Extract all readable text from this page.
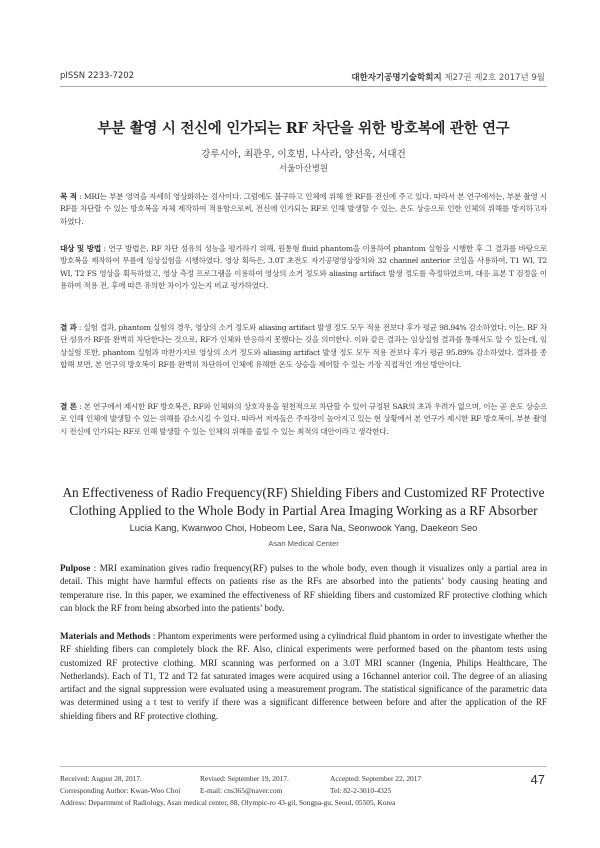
pISSN 2233-7202	대한자기공명기술학회지 제27권 제2호 2017년 9월
부분 촬영 시 전신에 인가되는 RF 차단을 위한 방호복에 관한 연구
강루시아, 최관우, 이호범, 나사라, 양선욱, 서대건
서울아산병원
목 적 : MRI는 부분 영역을 자세히 영상화하는 검사이다. 그럼에도 불구하고 인체에 위해 한 RF를 전신에 주고 있다. 따라서 본 연구에서는, 부분 촬영 시 RF를 차단할 수 있는 방호복을 자체 제작하여 적용함으로써, 전신에 인가되는 RF로 인해 발생할 수 있는, 온도 상승으로 인한 인체의 위해를 방지하고자 하였다.
대상 및 방법 : 연구 방법은, RF 차단 섬유의 성능을 평가하기 위해, 원통형 fluid phantom을 이용하여 phantom 실험을 시행한 후 그 결과를 바탕으로 방호복을 제작하여 무릎에 임상실험을 시행하였다. 영상 획득은, 3.0T 초전도 자기공명영상장치와 32 channel anterior 코일을 사용하여, T1 WI, T2 WI, T2 FS 영상을 획득하였고, 영상 측정 프로그램을 이용하여 영상의 소거 정도와 aliasing artifact 발생 정도를 측정하였으며, 대응 표본 T 검정을 이용하여 적용 전, 후에 따른 유의한 차이가 있는지 비교 평가하였다.
결 과 : 실험 결과, phantom 실험의 경우, 영상의 소거 정도와 aliasing artifact 발생 정도 모두 적용 전보다 후가 평균 98.94% 감소하였다. 이는, RF 차단 섬유가 RF를 완벽히 차단한다는 것으로, RF가 인체와 반응하지 못했다는 것을 의미한다. 이와 같은 결과는 임상실험 결과를 통해서도 알 수 있는데, 임상실험 또한, phantom 실험과 마찬가지로 영상의 소거 정도와 aliasing artifact 발생 정도 모두 적용 전보다 후가 평균 95.89% 감소하였다. 결과를 종합해 보면, 본 연구의 방호복이 RF를 완벽히 차단하여 인체에 유해한 온도 상승을 제어할 수 있는 가장 직접적인 개선 방안이다.
결 론 : 본 연구에서 제시한 RF 방호복은, RF와 인체와의 상호작용을 원천적으로 차단할 수 있어 규정된 SAR의 초과 우려가 없으며, 이는 곧 온도 상승으로 인해 인체에 발생할 수 있는 위해를 감소시킬 수 있다. 따라서 저자들은 주자장이 높아지고 있는 현 상황에서 본 연구가 제시한 RF 방호복이, 부분 촬영 시 전신에 인가되는 RF로 인해 발생할 수 있는 인체의 위해를 줄일 수 있는 최적의 대안이라고 생각한다.
An Effectiveness of Radio Frequency(RF) Shielding Fibers and Customized RF Protective Clothing Applied to the Whole Body in Partial Area Imaging Working as a RF Absorber
Lucia Kang, Kwanwoo Choi, Hobeom Lee, Sara Na, Seonwook Yang, Daekeon Seo
Asan Medical Center
Pulpose : MRI examination gives radio frequency(RF) pulses to the whole body, even though it visualizes only a partial area in detail. This might have harmful effects on patients rise as the RFs are absorbed into the patients’ body causing heating and temperature rise. In this paper, we examined the effectiveness of RF shielding fibers and customized RF protective clothing which can block the RF from being absorbed into the patients’ body.
Materials and Methods : Phantom experiments were performed using a cylindrical fluid phantom in order to investigate whether the RF shielding fibers can completely block the RF. Also, clinical experiments were performed based on the phantom tests using customized RF protective clothing. MRI scanning was performed on a 3.0T MRI scanner (Ingenia, Philips Healthcare, The Netherlands). Each of T1, T2 and T2 fat saturated images were acquired using a 16channel anterior coil. The degree of an aliasing artifact and the signal suppression were evaluated using a measurement program. The statistical significance of the parametric data was determined using a t test to verify if there was a significant difference between before and after the application of the RF shielding fibers and RF protective clothing.
Received: August 28, 2017.	Revised: September 19, 2017.	Accepted: September 22, 2017
Corresponding Author: Kwan-Woo Choi	E-mail: cns365@naver.com	Tel: 82-2-3010-4325
Address: Department of Radiology, Asan medical center, 88, Olympic-ro 43-gil, Songpa-gu, Seoul, 05505, Korea
47
